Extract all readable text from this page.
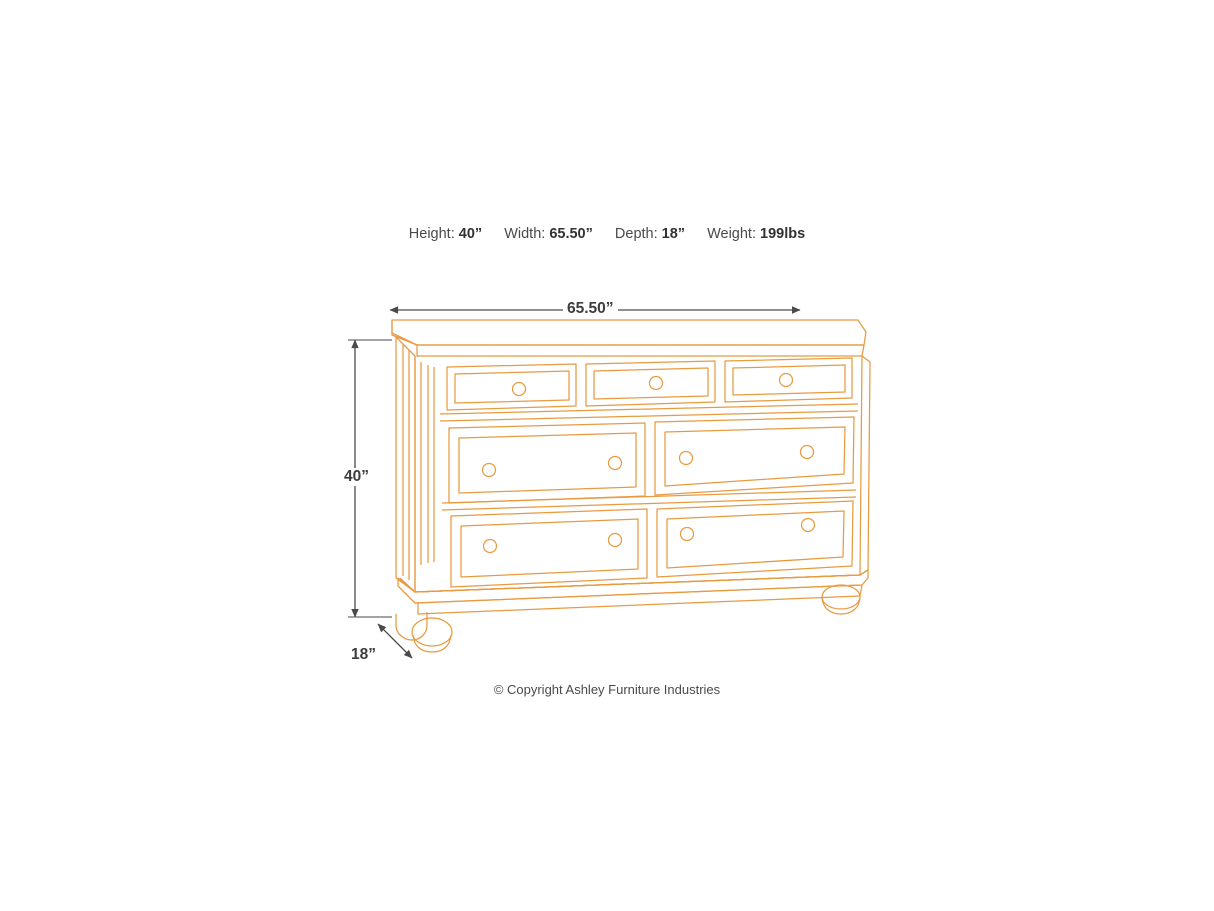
Height: 40” Width: 65.50” Depth: 18” Weight: 199lbs
65.50”
40”
18”
© Copyright Ashley Furniture Industries
